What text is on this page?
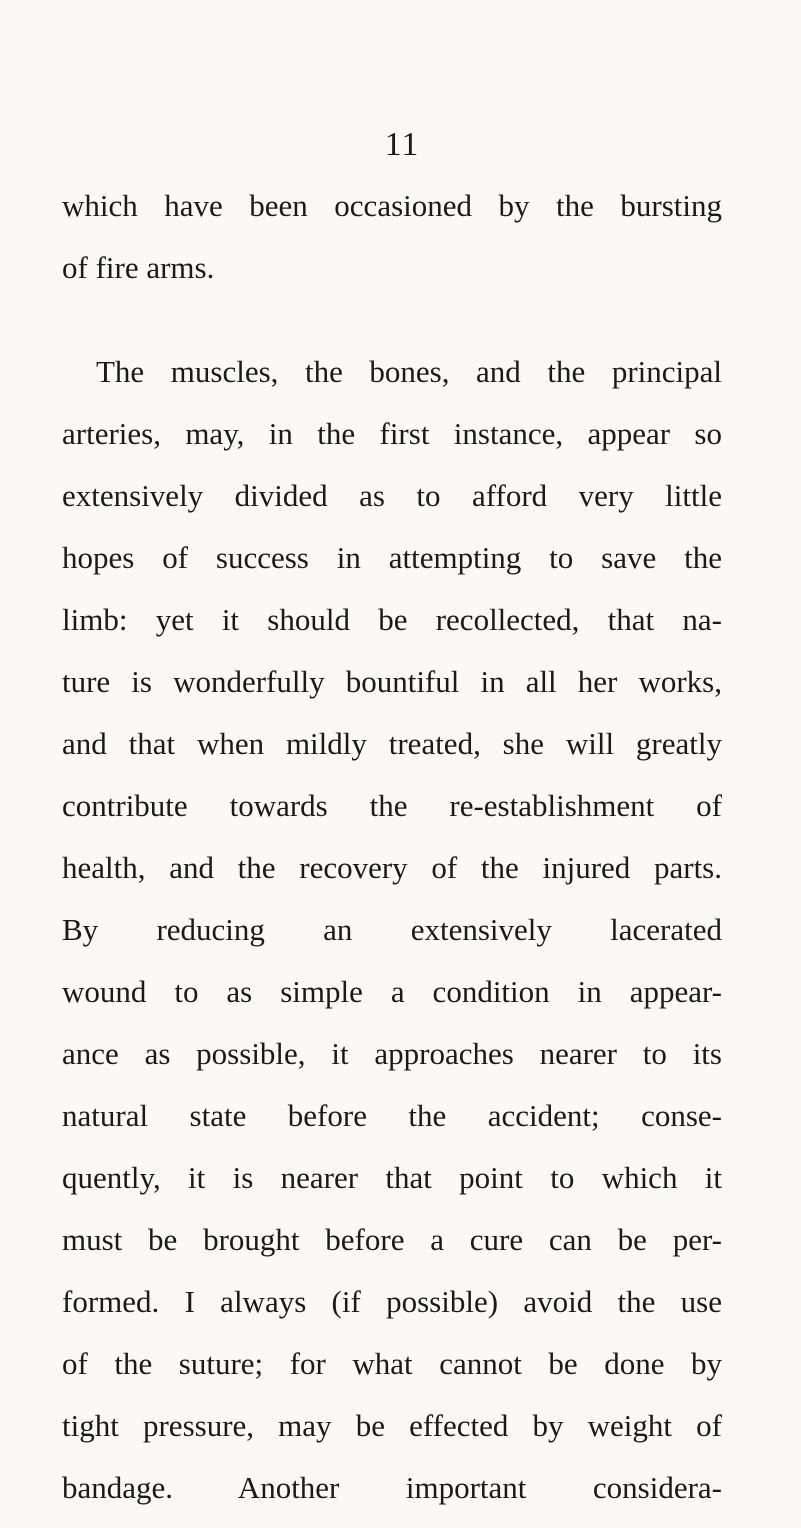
11
which have been occasioned by the bursting
of fire arms.
The muscles, the bones, and the principal
arteries, may, in the first instance, appear so
extensively divided as to afford very little
hopes of success in attempting to save the
limb: yet it should be recollected, that na-
ture is wonderfully bountiful in all her works,
and that when mildly treated, she will greatly
contribute towards the re-establishment of
health, and the recovery of the injured parts.
By reducing an extensively lacerated
wound to as simple a condition in appear-
ance as possible, it approaches nearer to its
natural state before the accident; conse-
quently, it is nearer that point to which it
must be brought before a cure can be per-
formed. I always (if possible) avoid the use
of the suture; for what cannot be done by
tight pressure, may be effected by weight of
bandage. Another important considera-
